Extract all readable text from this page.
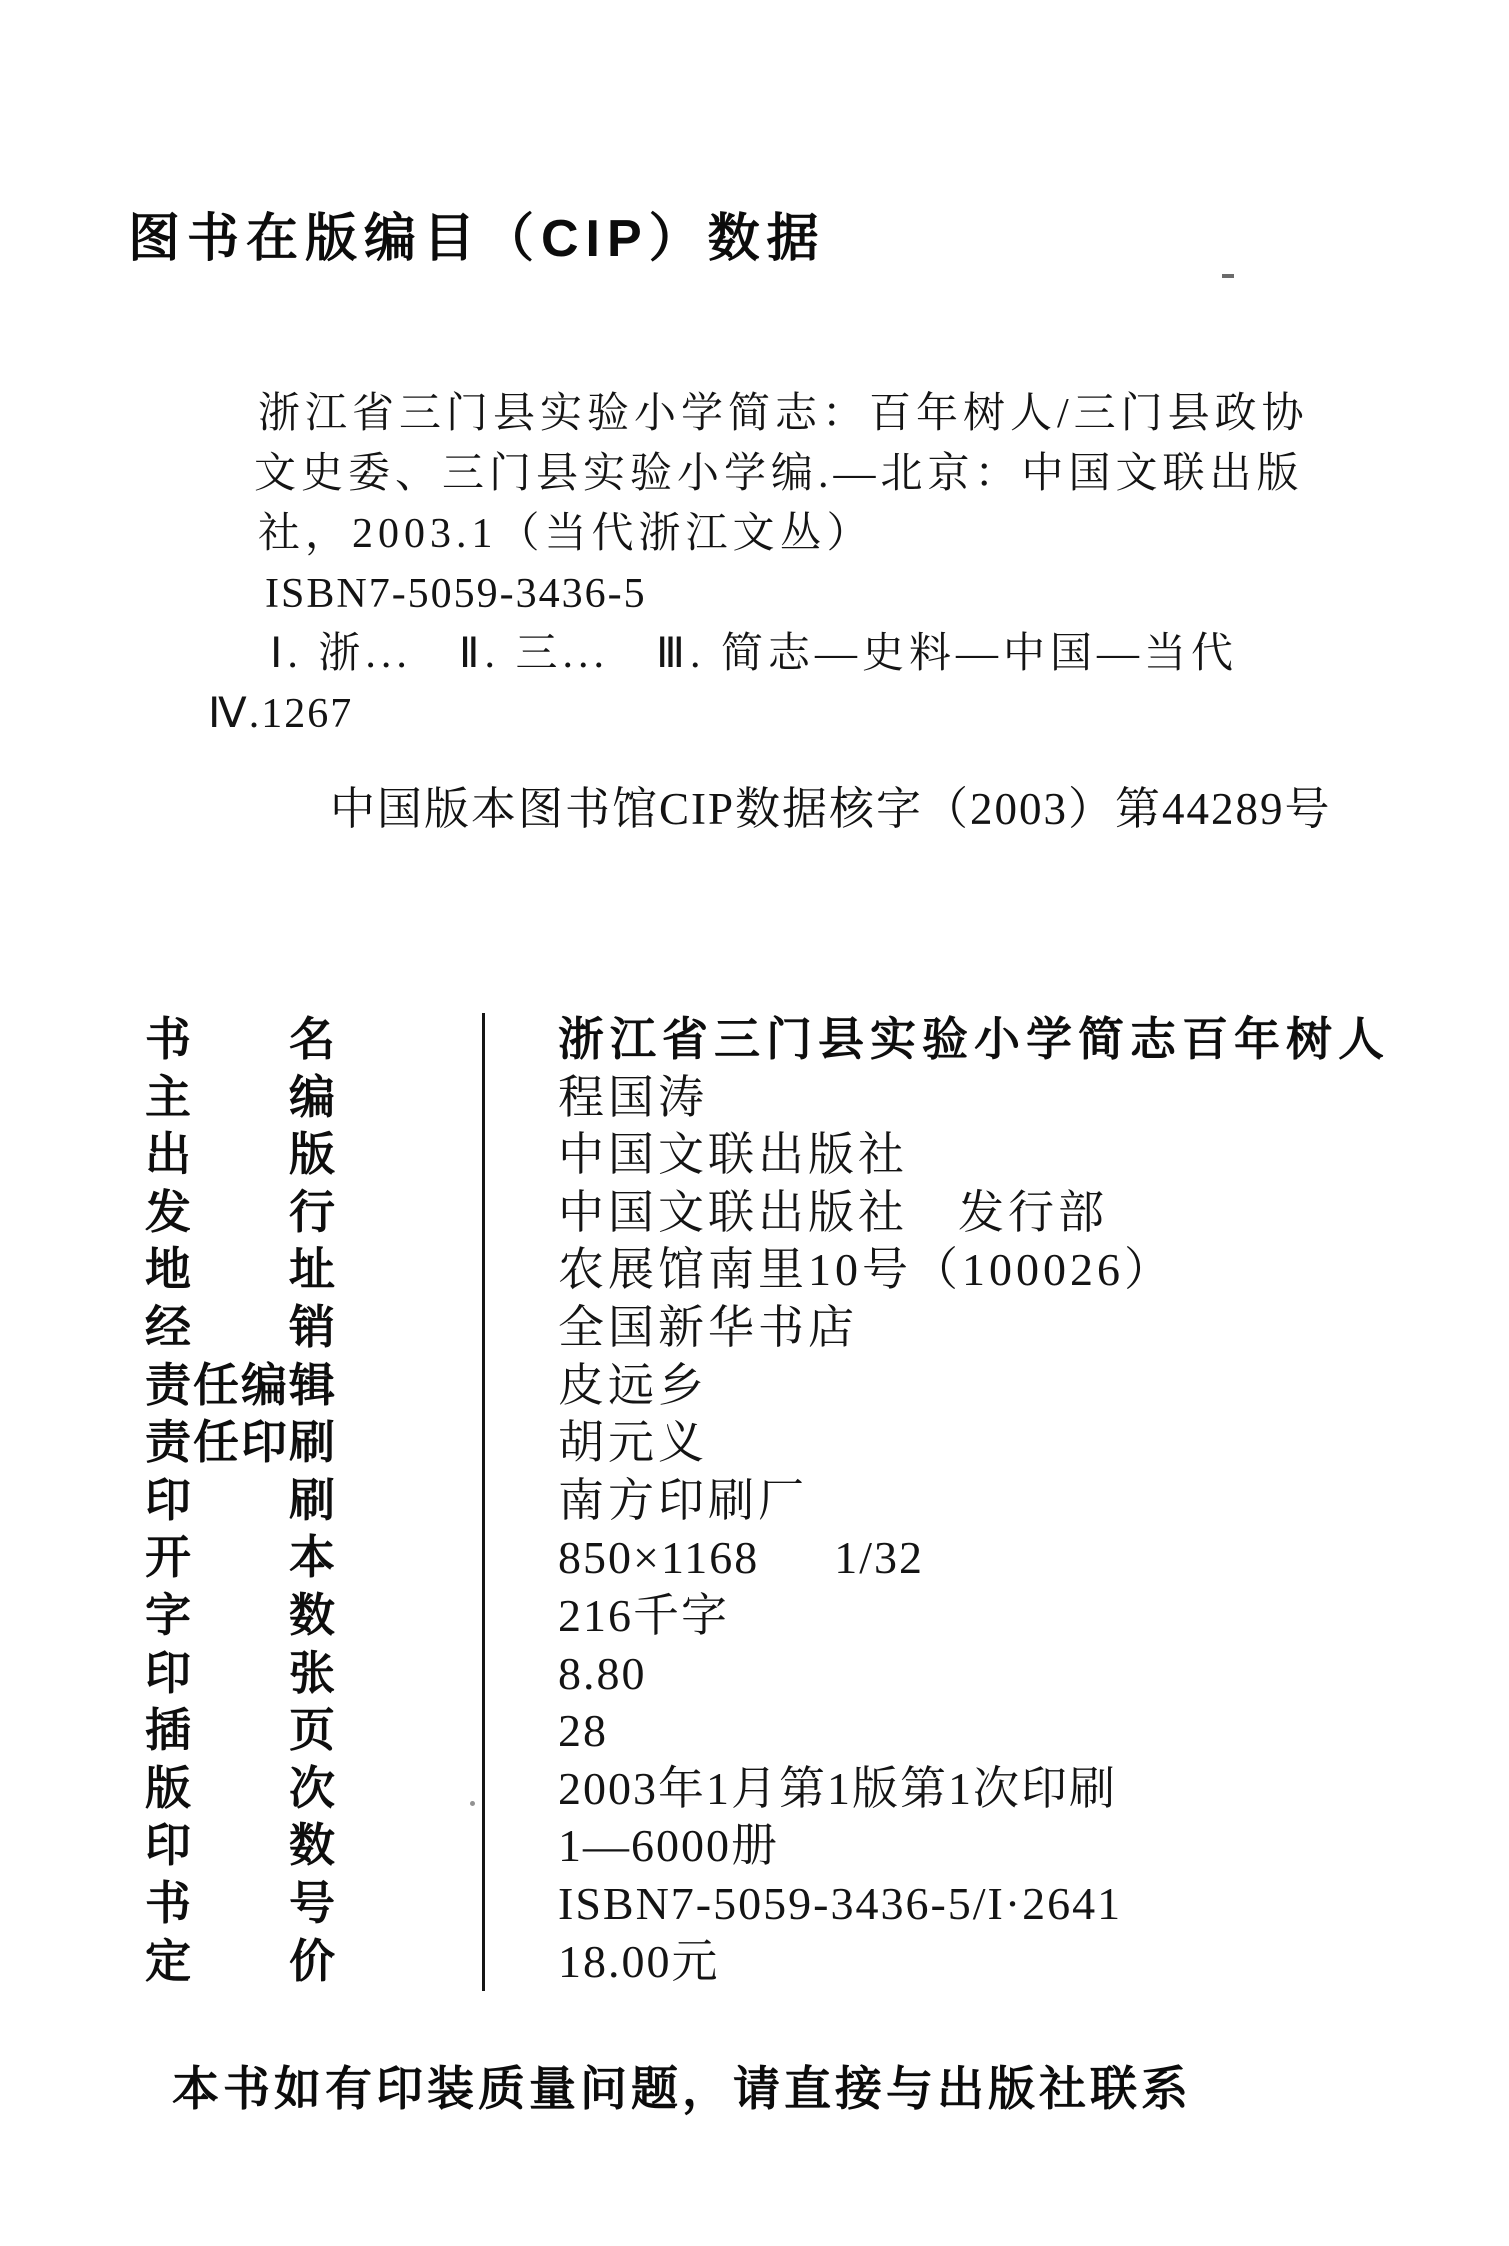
图书在版编目（CIP）数据
浙江省三门县实验小学简志：百年树人/三门县政协
文史委、三门县实验小学编.—北京：中国文联出版
社，2003.1（当代浙江文丛）
ISBN7-5059-3436-5
Ⅰ. 浙...　Ⅱ. 三...　Ⅲ. 简志—史料—中国—当代
Ⅳ.1267
中国版本图书馆CIP数据核字（2003）第44289号
书名	浙江省三门县实验小学简志百年树人
主编	程国涛
出版	中国文联出版社
发行	中国文联出版社　发行部
地址	农展馆南里10号（100026）
经销	全国新华书店
责任编辑	皮远乡
责任印刷	胡元义
印刷	南方印刷厂
开本	850×1168　  1/32
字数	216千字
印张	8.80
插页	28
版次	2003年1月第1版第1次印刷
印数	1—6000册
书号	ISBN7-5059-3436-5/I·2641
定价	18.00元
本书如有印装质量问题，请直接与出版社联系
